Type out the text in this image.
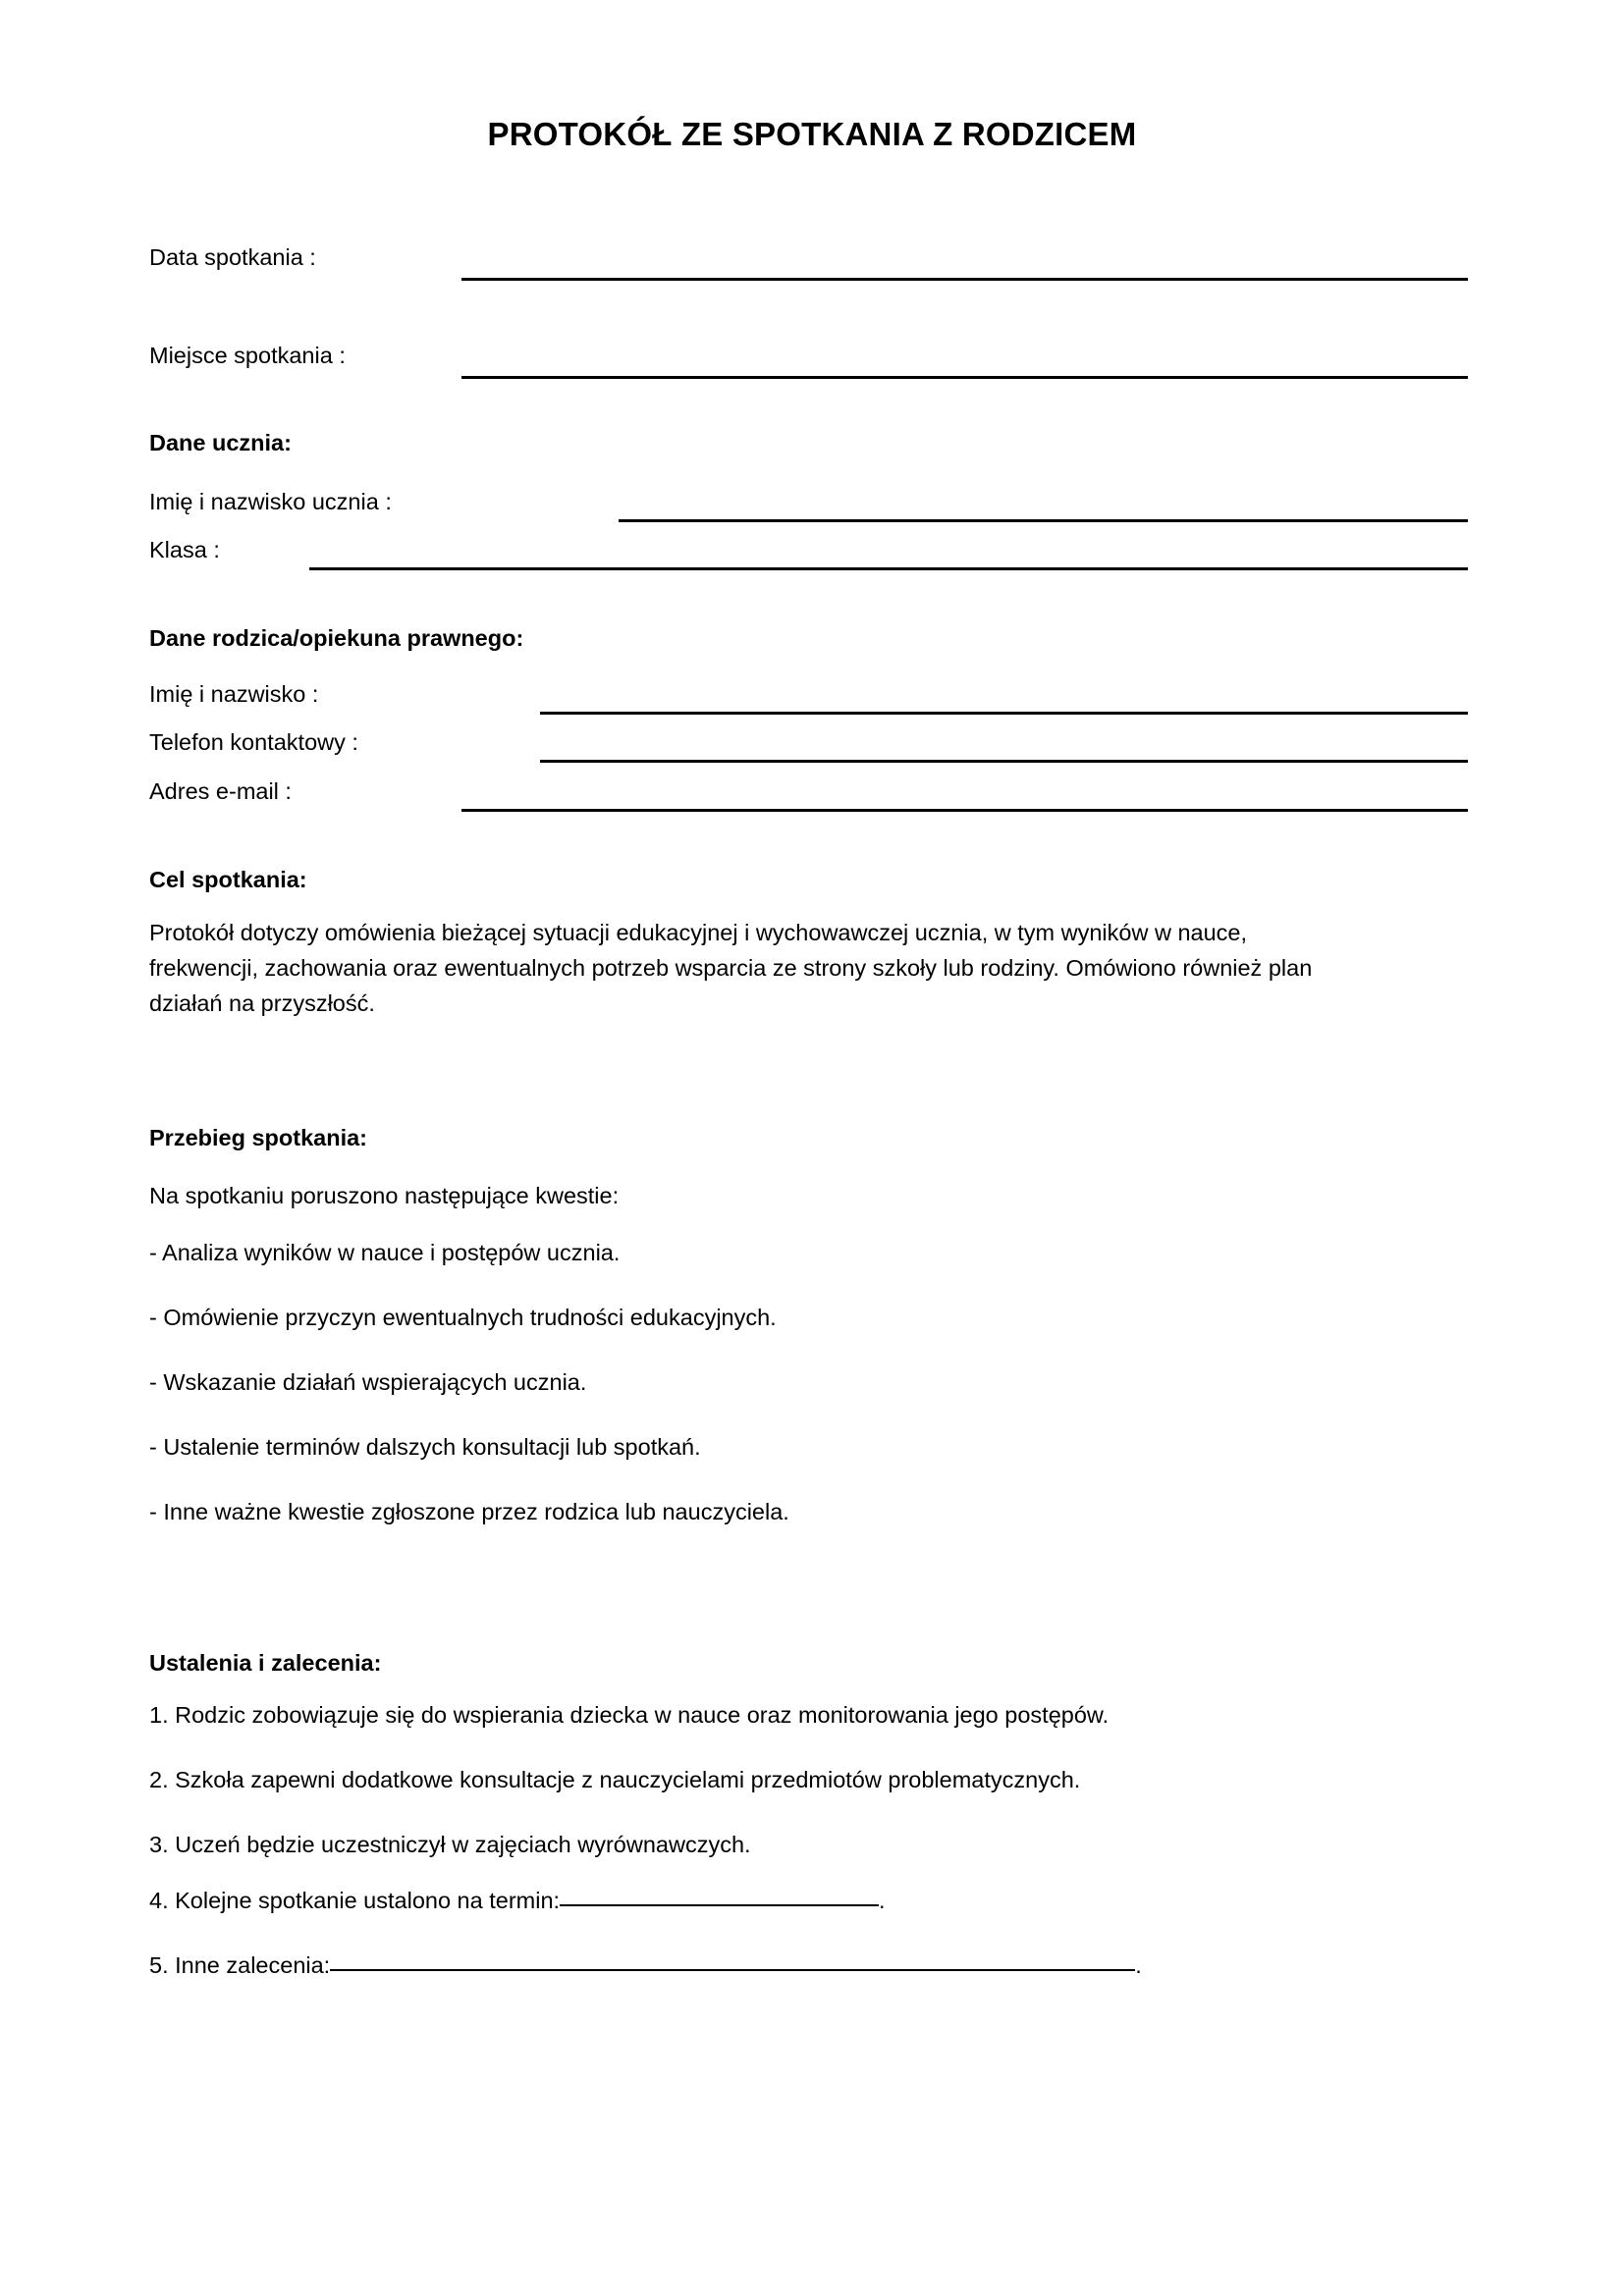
PROTOKÓŁ ZE SPOTKANIA Z RODZICEM
Data spotkania :
Miejsce spotkania :
Dane ucznia:
Imię i nazwisko ucznia :
Klasa :
Dane rodzica/opiekuna prawnego:
Imię i nazwisko :
Telefon kontaktowy :
Adres e-mail :
Cel spotkania:
Protokół dotyczy omówienia bieżącej sytuacji edukacyjnej i wychowawczej ucznia, w tym wyników w nauce, frekwencji, zachowania oraz ewentualnych potrzeb wsparcia ze strony szkoły lub rodziny. Omówiono również plan działań na przyszłość.
Przebieg spotkania:
Na spotkaniu poruszono następujące kwestie:
- Analiza wyników w nauce i postępów ucznia.
- Omówienie przyczyn ewentualnych trudności edukacyjnych.
- Wskazanie działań wspierających ucznia.
- Ustalenie terminów dalszych konsultacji lub spotkań.
- Inne ważne kwestie zgłoszone przez rodzica lub nauczyciela.
Ustalenia i zalecenia:
1. Rodzic zobowiązuje się do wspierania dziecka w nauce oraz monitorowania jego postępów.
2. Szkoła zapewni dodatkowe konsultacje z nauczycielami przedmiotów problematycznych.
3. Uczeń będzie uczestniczył w zajęciach wyrównawczych.
4. Kolejne spotkanie ustalono na termin:	.
5. Inne zalecenia:	.
